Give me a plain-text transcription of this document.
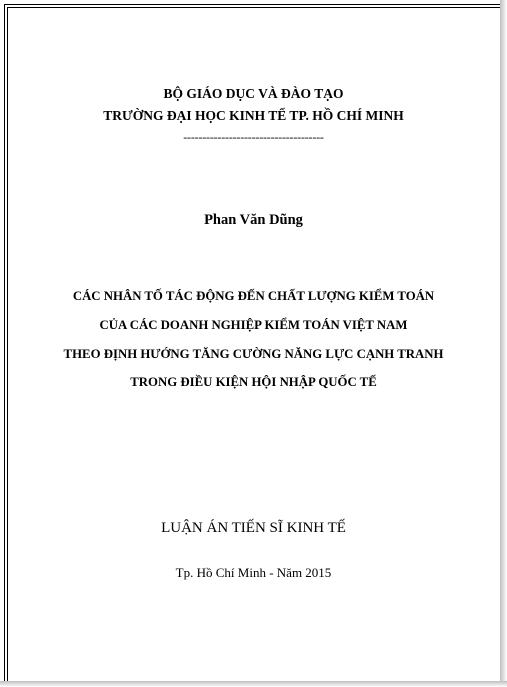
BỘ GIÁO DỤC VÀ ĐÀO TẠO
TRƯỜNG ĐẠI HỌC KINH TẾ TP. HỒ CHÍ MINH
-------------------------------------
Phan Văn Dũng
CÁC NHÂN TỐ TÁC ĐỘNG ĐẾN CHẤT LƯỢNG KIỂM TOÁN
CỦA CÁC DOANH NGHIỆP KIỂM TOÁN VIỆT NAM
THEO ĐỊNH HƯỚNG TĂNG CƯỜNG NĂNG LỰC CẠNH TRANH
TRONG ĐIỀU KIỆN HỘI NHẬP QUỐC TẾ
LUẬN ÁN TIẾN SĨ KINH TẾ
Tp. Hồ Chí Minh - Năm 2015
